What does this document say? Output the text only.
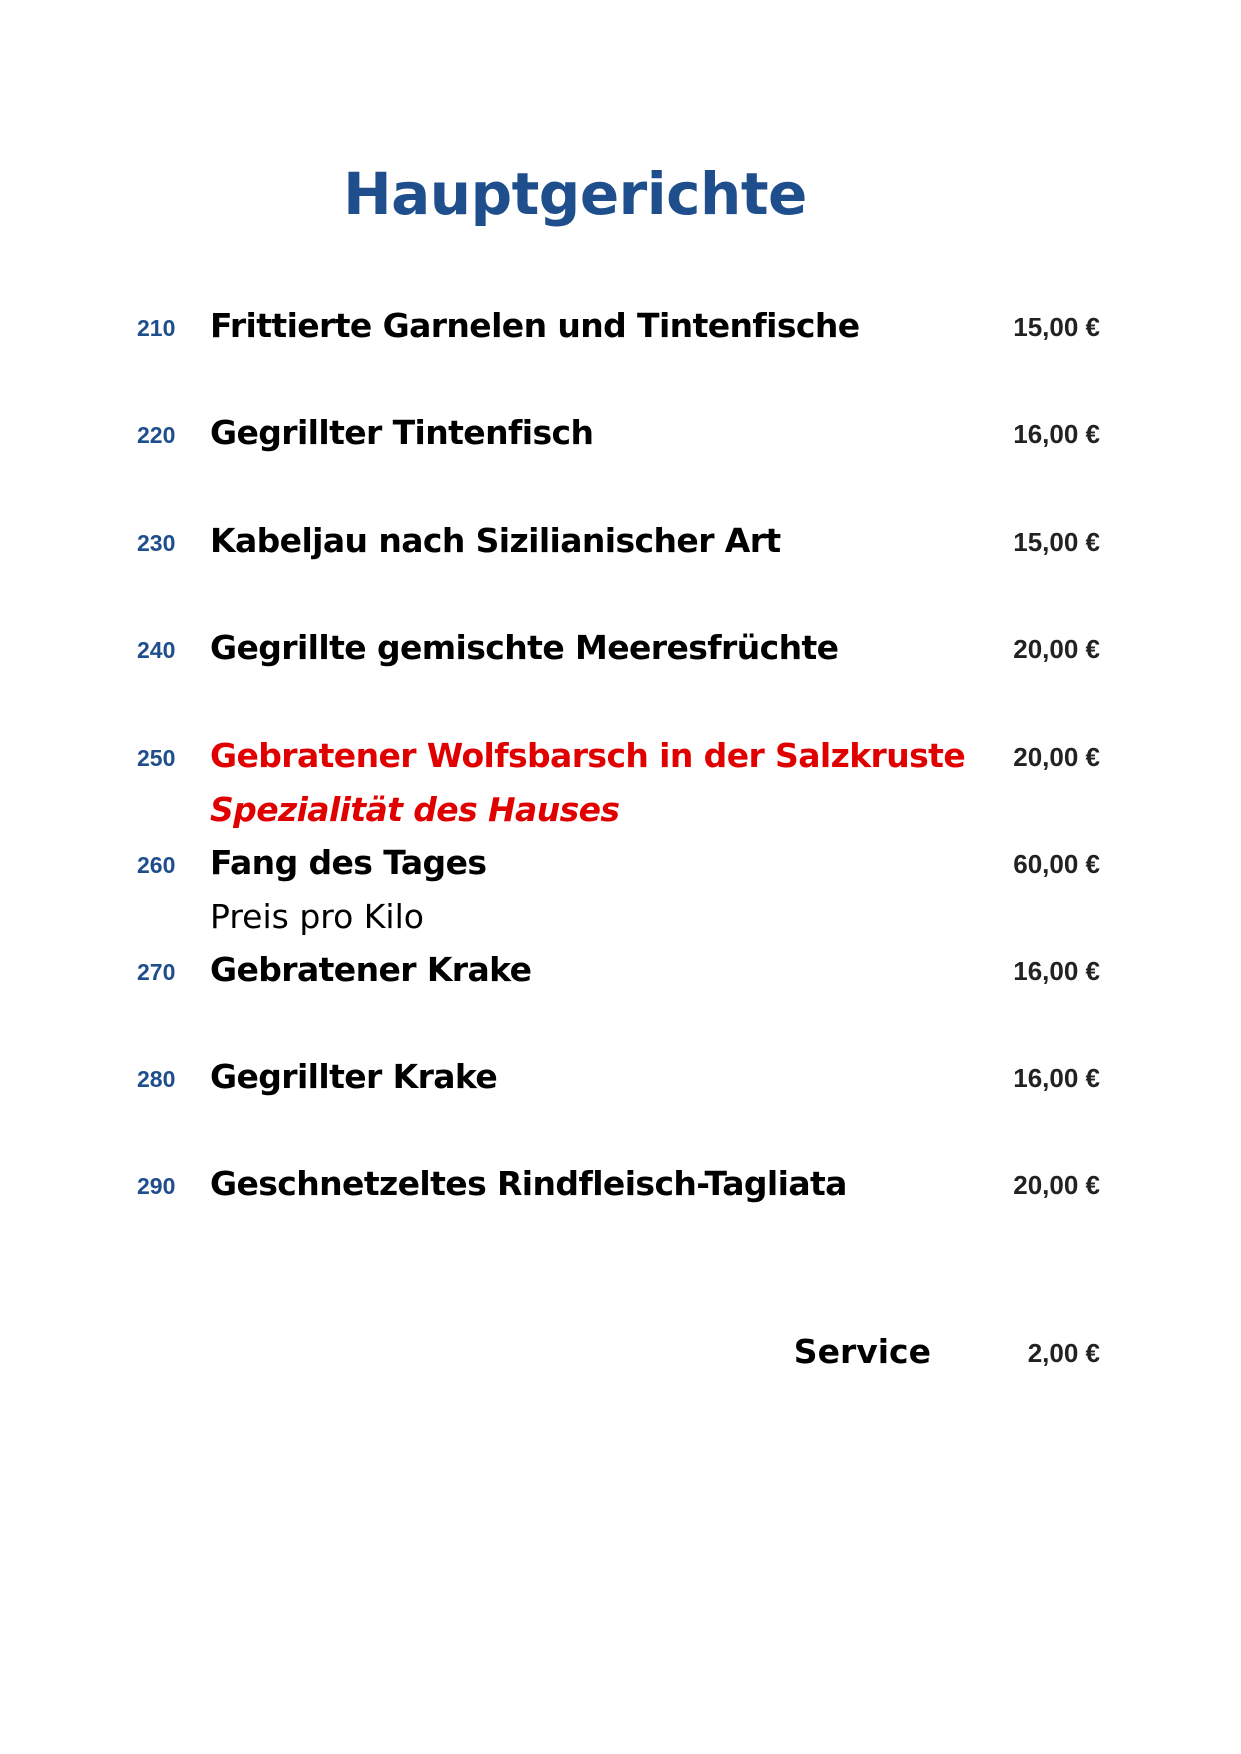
Hauptgerichte
210 Frittierte Garnelen und Tintenfische	15,00 €
220 Gegrillter Tintenfisch	16,00 €
230 Kabeljau nach Sizilianischer Art	15,00 €
240 Gegrillte gemischte Meeresfrüchte	20,00 €
250 Gebratener Wolfsbarsch in der Salzkruste 20,00 €
Spezialität des Hauses
260 Fang des Tages	60,00 €
Preis pro Kilo
270 Gebratener Krake	16,00 €
280 Gegrillter Krake	16,00 €
290 Geschnetzeltes Rindfleisch-Tagliata	20,00 €
Service	2,00 €
